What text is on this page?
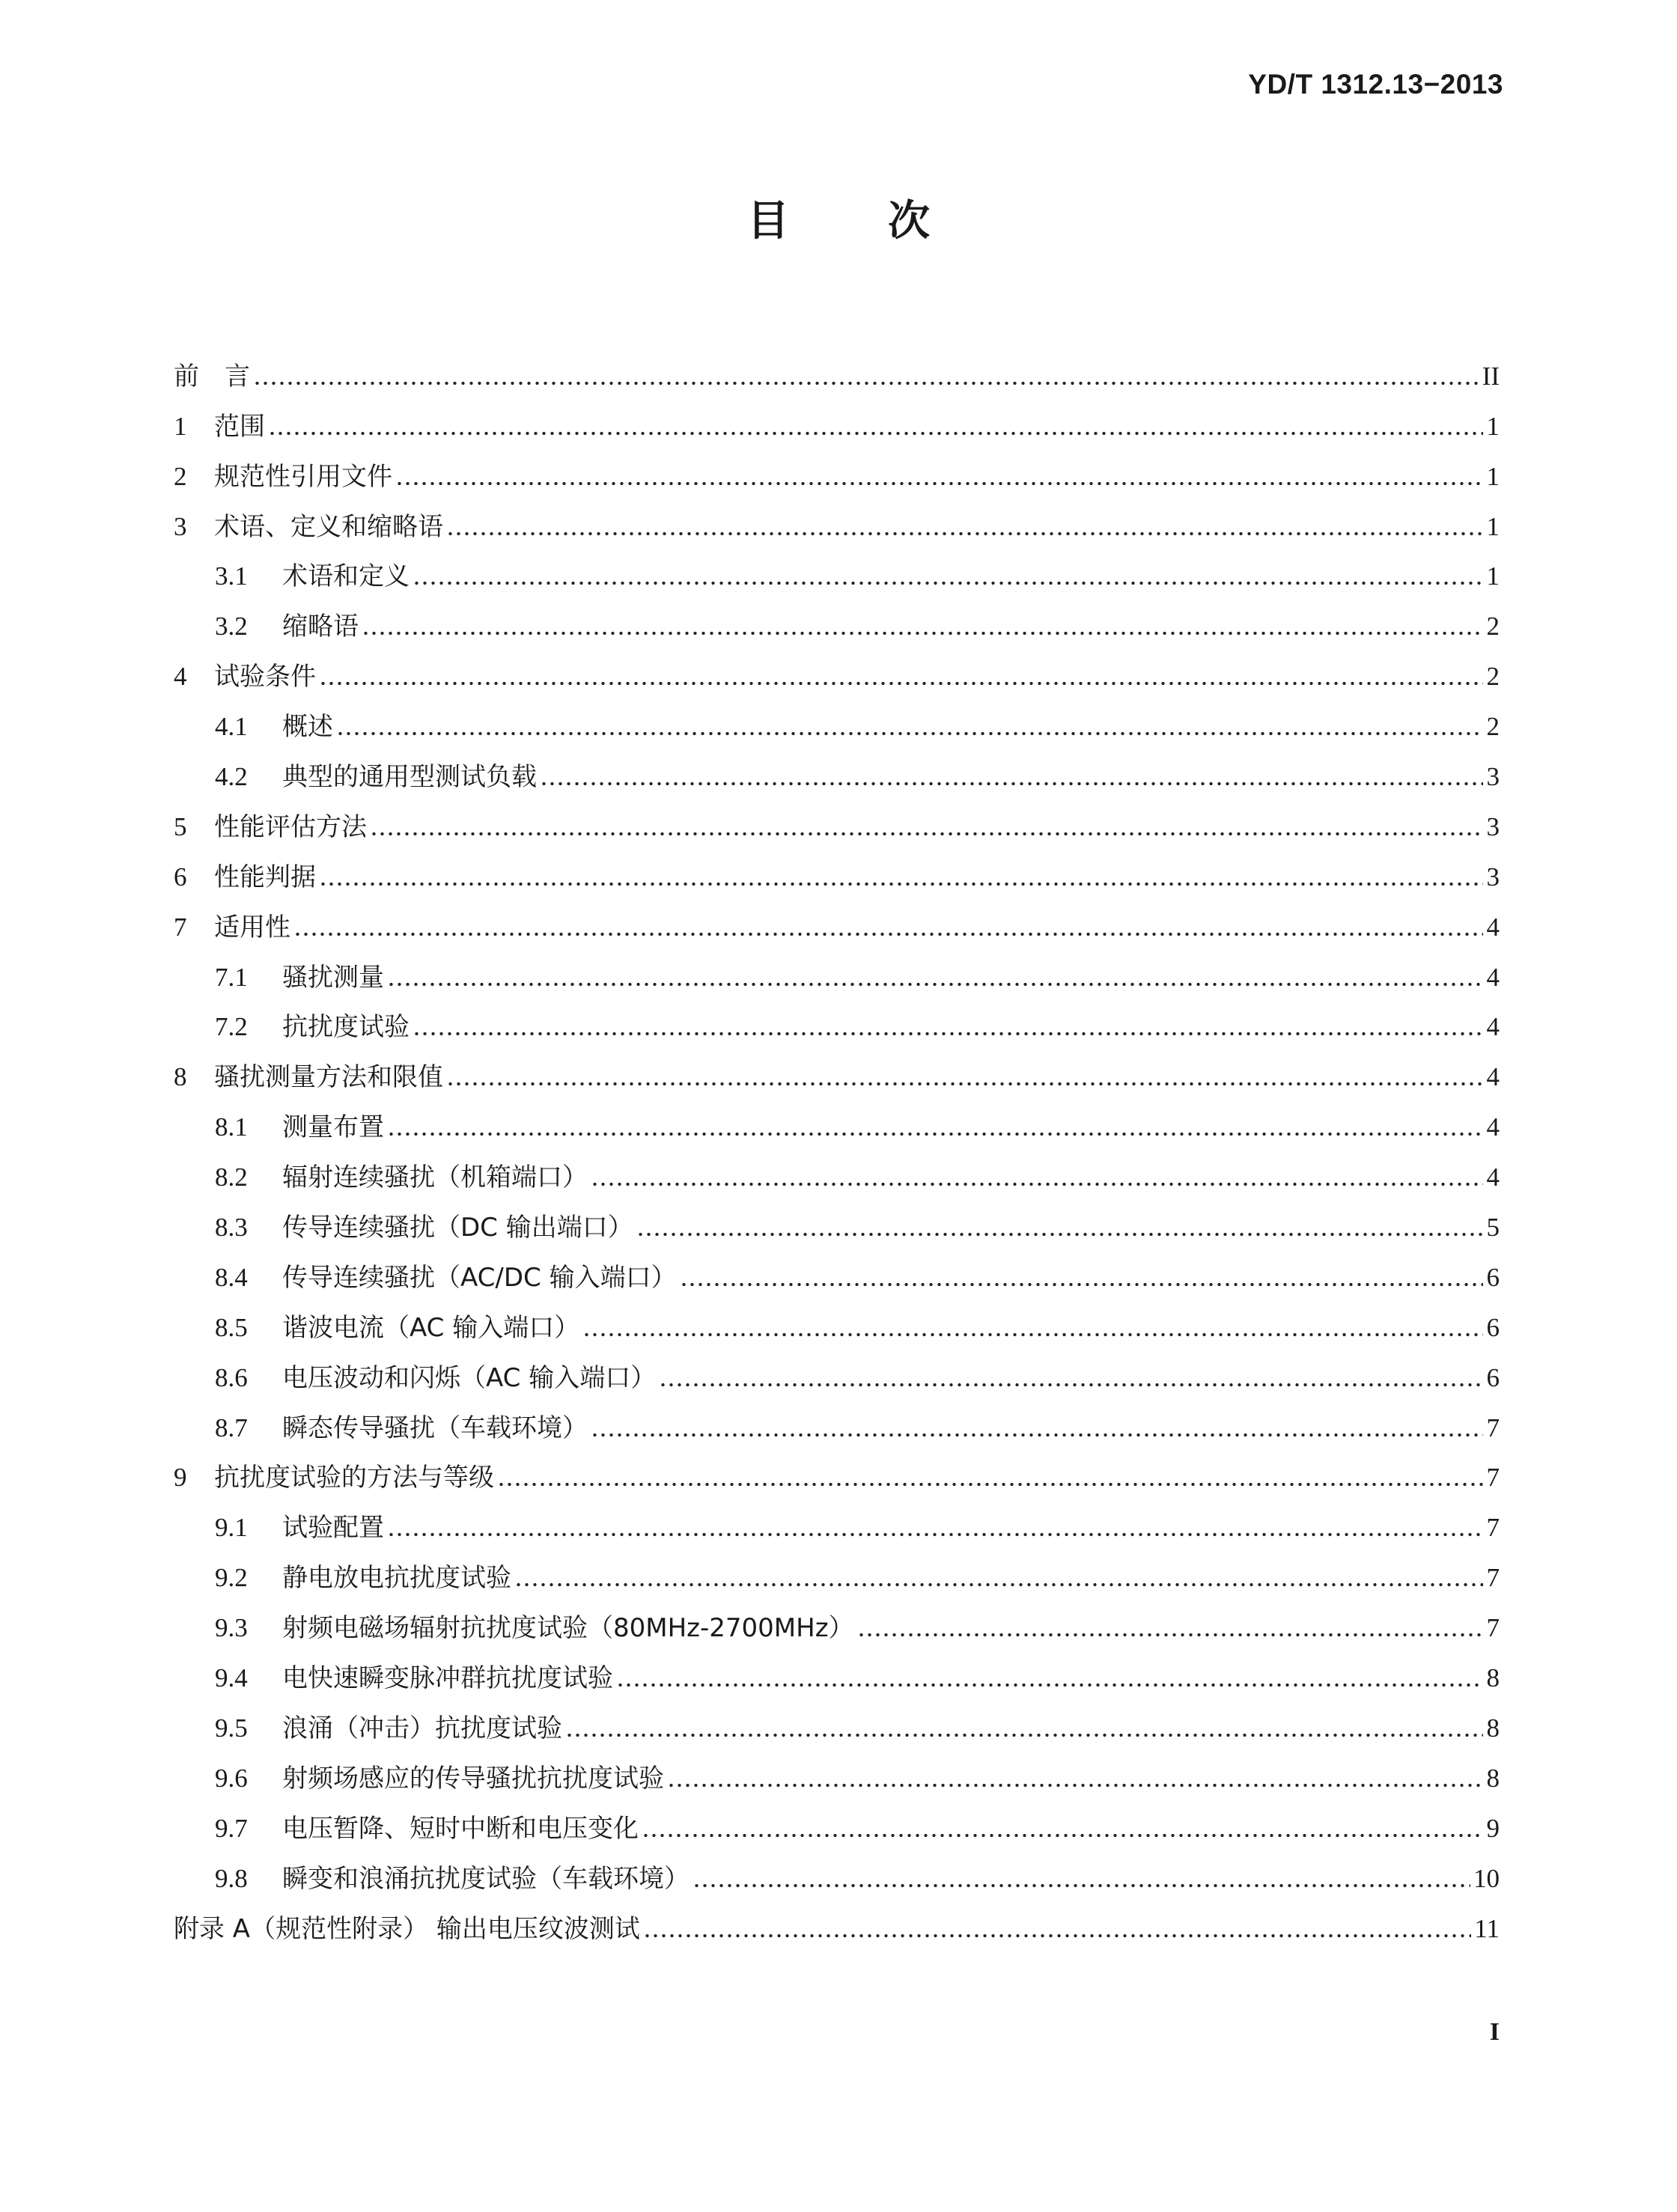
YD/T 1312.13−2013
目 次
前　言	II
1	范围	1
2	规范性引用文件	1
3	术语、定义和缩略语	1
3.1	术语和定义	1
3.2	缩略语	2
4	试验条件	2
4.1	概述	2
4.2	典型的通用型测试负载	3
5	性能评估方法	3
6	性能判据	3
7	适用性	4
7.1	骚扰测量	4
7.2	抗扰度试验	4
8	骚扰测量方法和限值	4
8.1	测量布置	4
8.2	辐射连续骚扰（机箱端口）	4
8.3	传导连续骚扰（DC 输出端口）	5
8.4	传导连续骚扰（AC/DC 输入端口）	6
8.5	谐波电流（AC 输入端口）	6
8.6	电压波动和闪烁（AC 输入端口）	6
8.7	瞬态传导骚扰（车载环境）	7
9	抗扰度试验的方法与等级	7
9.1	试验配置	7
9.2	静电放电抗扰度试验	7
9.3	射频电磁场辐射抗扰度试验（80MHz-2700MHz）	7
9.4	电快速瞬变脉冲群抗扰度试验	8
9.5	浪涌（冲击）抗扰度试验	8
9.6	射频场感应的传导骚扰抗扰度试验	8
9.7	电压暂降、短时中断和电压变化	9
9.8	瞬变和浪涌抗扰度试验（车载环境）	10
附录 A（规范性附录） 输出电压纹波测试	11
I
